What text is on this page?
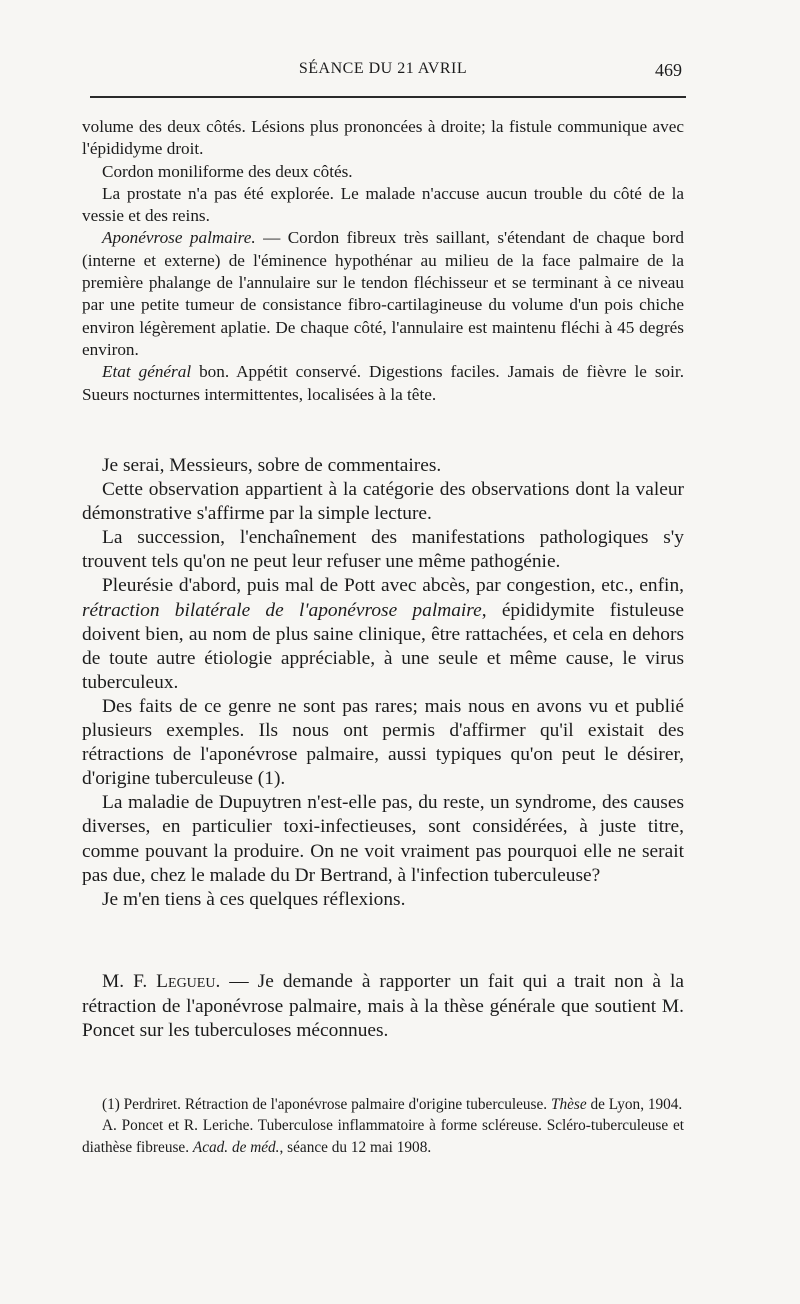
SÉANCE DU 21 AVRIL	469

volume des deux côtés. Lésions plus prononcées à droite; la fistule communique avec l'épididyme droit.

Cordon moniliforme des deux côtés.

La prostate n'a pas été explorée. Le malade n'accuse aucun trouble du côté de la vessie et des reins.

Aponévrose palmaire. — Cordon fibreux très saillant, s'étendant de chaque bord (interne et externe) de l'éminence hypothénar au milieu de la face palmaire de la première phalange de l'annulaire sur le tendon fléchisseur et se terminant à ce niveau par une petite tumeur de consistance fibro-cartilagineuse du volume d'un pois chiche environ légèrement aplatie. De chaque côté, l'annulaire est maintenu fléchi à 45 degrés environ.

Etat général bon. Appétit conservé. Digestions faciles. Jamais de fièvre le soir. Sueurs nocturnes intermittentes, localisées à la tête.

Je serai, Messieurs, sobre de commentaires.

Cette observation appartient à la catégorie des observations dont la valeur démonstrative s'affirme par la simple lecture.

La succession, l'enchaînement des manifestations pathologiques s'y trouvent tels qu'on ne peut leur refuser une même pathogénie.

Pleurésie d'abord, puis mal de Pott avec abcès, par congestion, etc., enfin, rétraction bilatérale de l'aponévrose palmaire, épididymite fistuleuse doivent bien, au nom de plus saine clinique, être rattachées, et cela en dehors de toute autre étiologie appréciable, à une seule et même cause, le virus tuberculeux.

Des faits de ce genre ne sont pas rares; mais nous en avons vu et publié plusieurs exemples. Ils nous ont permis d'affirmer qu'il existait des rétractions de l'aponévrose palmaire, aussi typiques qu'on peut le désirer, d'origine tuberculeuse (1).

La maladie de Dupuytren n'est-elle pas, du reste, un syndrome, des causes diverses, en particulier toxi-infectieuses, sont considérées, à juste titre, comme pouvant la produire. On ne voit vraiment pas pourquoi elle ne serait pas due, chez le malade du Dr Bertrand, à l'infection tuberculeuse?

Je m'en tiens à ces quelques réflexions.

M. F. Legueu. — Je demande à rapporter un fait qui a trait non à la rétraction de l'aponévrose palmaire, mais à la thèse générale que soutient M. Poncet sur les tuberculoses méconnues.

(1) Perdriret. Rétraction de l'aponévrose palmaire d'origine tuberculeuse. Thèse de Lyon, 1904.

A. Poncet et R. Leriche. Tuberculose inflammatoire à forme scléreuse. Scléro-tuberculeuse et diathèse fibreuse. Acad. de méd., séance du 12 mai 1908.
